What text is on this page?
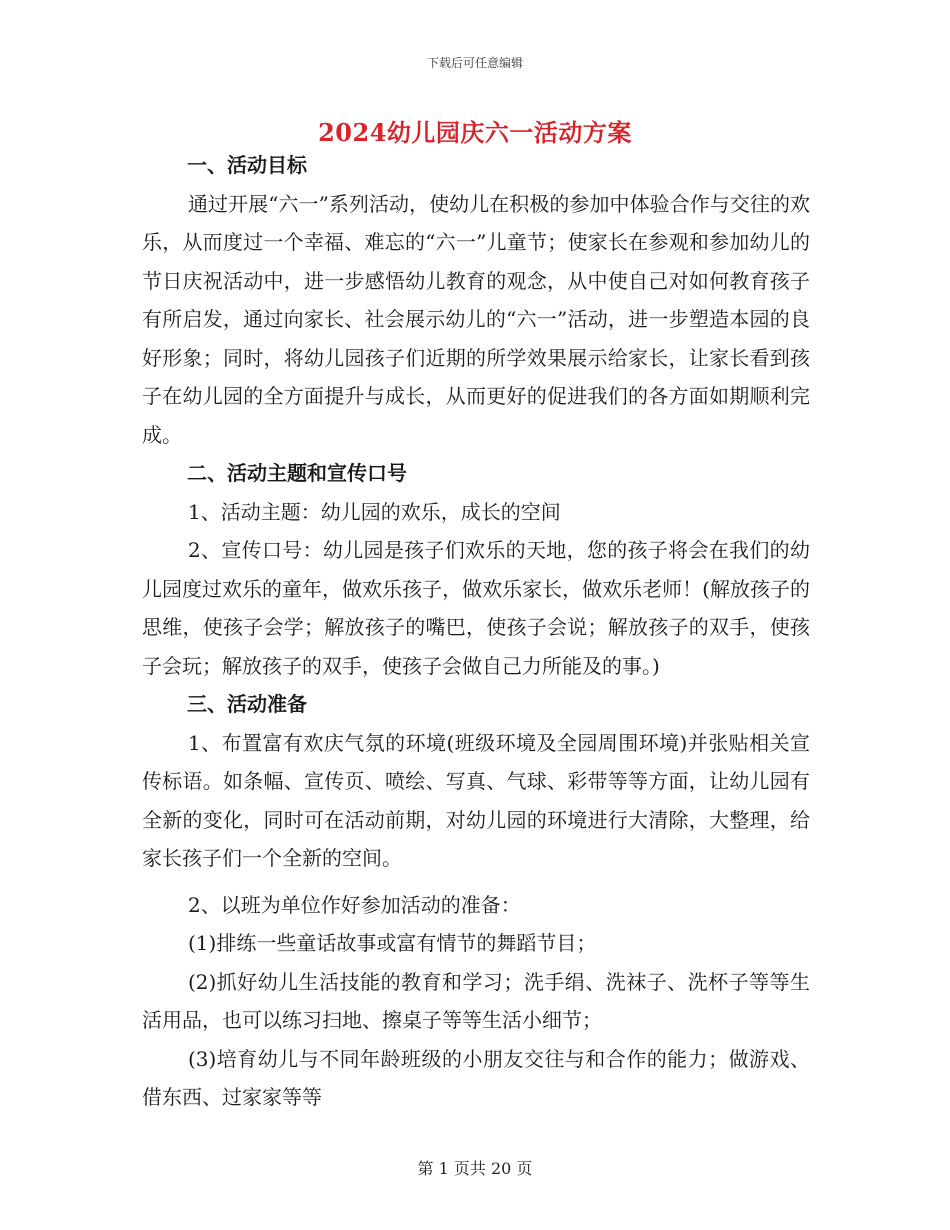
下载后可任意编辑
2024幼儿园庆六一活动方案

一、活动目标

通过开展“六一”系列活动，使幼儿在积极的参加中体验合作与交往的欢乐，从而度过一个幸福、难忘的“六一”儿童节；使家长在参观和参加幼儿的节日庆祝活动中，进一步感悟幼儿教育的观念，从中使自己对如何教育孩子有所启发，通过向家长、社会展示幼儿的“六一”活动，进一步塑造本园的良好形象；同时，将幼儿园孩子们近期的所学效果展示给家长，让家长看到孩子在幼儿园的全方面提升与成长，从而更好的促进我们的各方面如期顺利完成。

二、活动主题和宣传口号

1、活动主题：幼儿园的欢乐，成长的空间

2、宣传口号：幼儿园是孩子们欢乐的天地，您的孩子将会在我们的幼儿园度过欢乐的童年，做欢乐孩子，做欢乐家长，做欢乐老师！(解放孩子的思维，使孩子会学；解放孩子的嘴巴，使孩子会说；解放孩子的双手，使孩子会玩；解放孩子的双手，使孩子会做自己力所能及的事。)

三、活动准备

1、布置富有欢庆气氛的环境(班级环境及全园周围环境)并张贴相关宣传标语。如条幅、宣传页、喷绘、写真、气球、彩带等等方面，让幼儿园有全新的变化，同时可在活动前期，对幼儿园的环境进行大清除，大整理，给家长孩子们一个全新的空间。

2、以班为单位作好参加活动的准备：

(1)排练一些童话故事或富有情节的舞蹈节目；

(2)抓好幼儿生活技能的教育和学习；洗手绢、洗袜子、洗杯子等等生活用品，也可以练习扫地、擦桌子等等生活小细节；

(3)培育幼儿与不同年龄班级的小朋友交往与和合作的能力；做游戏、借东西、过家家等等

第 1 页共 20 页
